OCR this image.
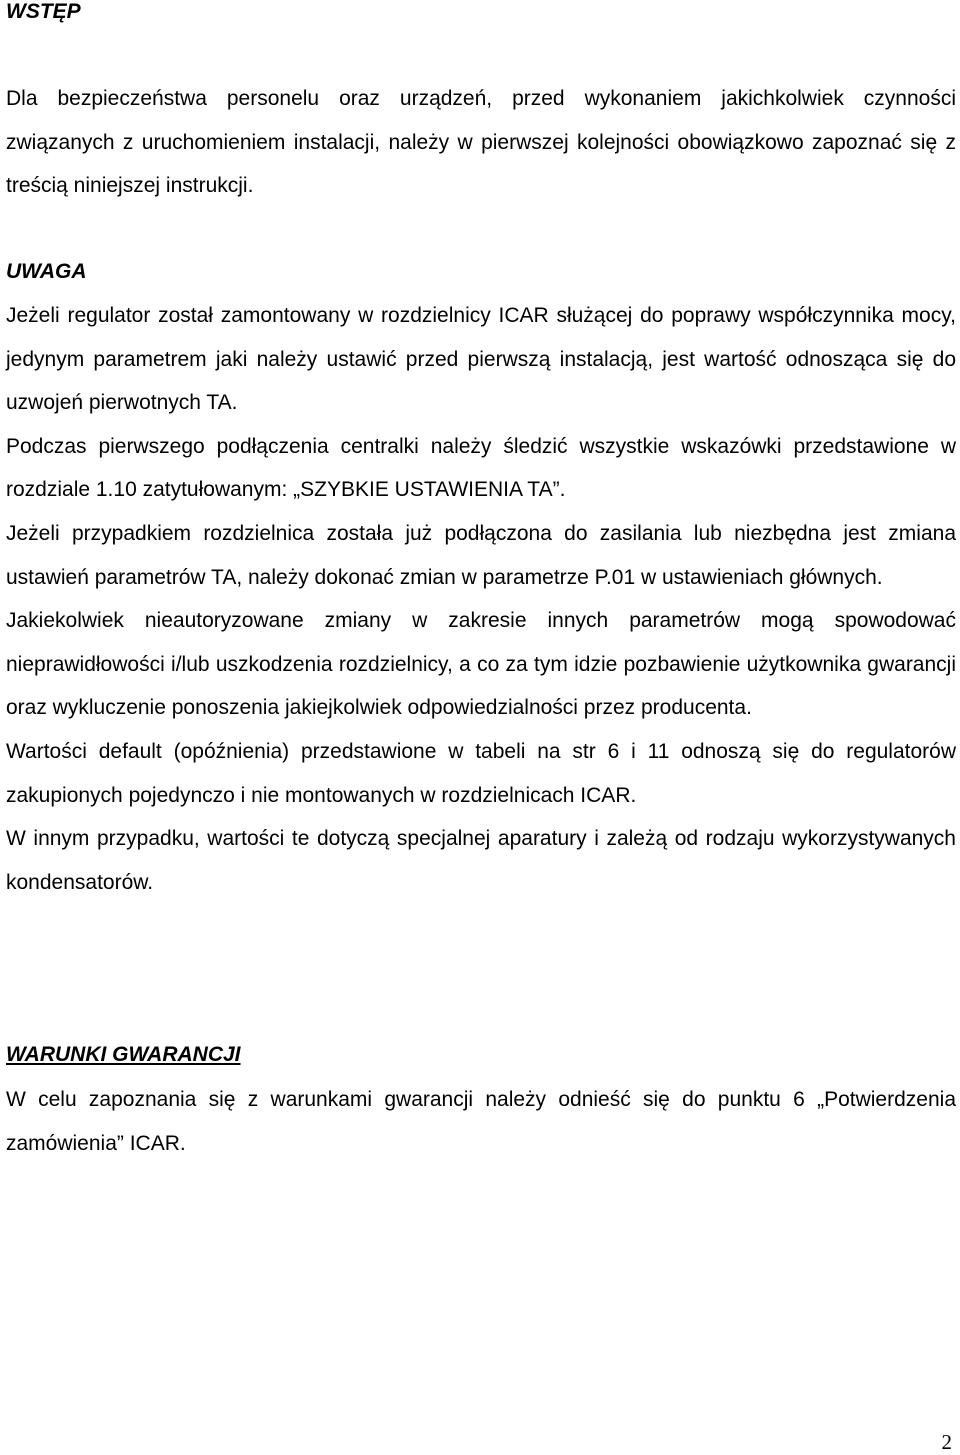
WSTĘP

Dla bezpieczeństwa personelu oraz urządzeń, przed wykonaniem jakichkolwiek czynności związanych z uruchomieniem instalacji, należy w pierwszej kolejności obowiązkowo zapoznać się z treścią niniejszej instrukcji.

UWAGA

Jeżeli regulator został zamontowany w rozdzielnicy ICAR służącej do poprawy współczynnika mocy, jedynym parametrem jaki należy ustawić przed pierwszą instalacją, jest wartość odnosząca się do uzwojeń pierwotnych TA.

Podczas pierwszego podłączenia centralki należy śledzić wszystkie wskazówki przedstawione w rozdziale 1.10 zatytułowanym: „SZYBKIE USTAWIENIA TA”.

Jeżeli przypadkiem rozdzielnica została już podłączona do zasilania lub niezbędna jest zmiana ustawień parametrów TA, należy dokonać zmian w parametrze P.01 w ustawieniach głównych.

Jakiekolwiek nieautoryzowane zmiany w zakresie innych parametrów mogą spowodować nieprawidłowości i/lub uszkodzenia rozdzielnicy, a co za tym idzie pozbawienie użytkownika gwarancji oraz wykluczenie ponoszenia jakiejkolwiek odpowiedzialności przez producenta.

Wartości default (opóźnienia) przedstawione w tabeli na str 6 i 11 odnoszą się do regulatorów zakupionych pojedynczo i nie montowanych w rozdzielnicach ICAR.

W innym przypadku, wartości te dotyczą specjalnej aparatury i zależą od rodzaju wykorzystywanych kondensatorów.

WARUNKI GWARANCJI

W celu zapoznania się z warunkami gwarancji należy odnieść się do punktu 6 „Potwierdzenia zamówienia” ICAR.

2
